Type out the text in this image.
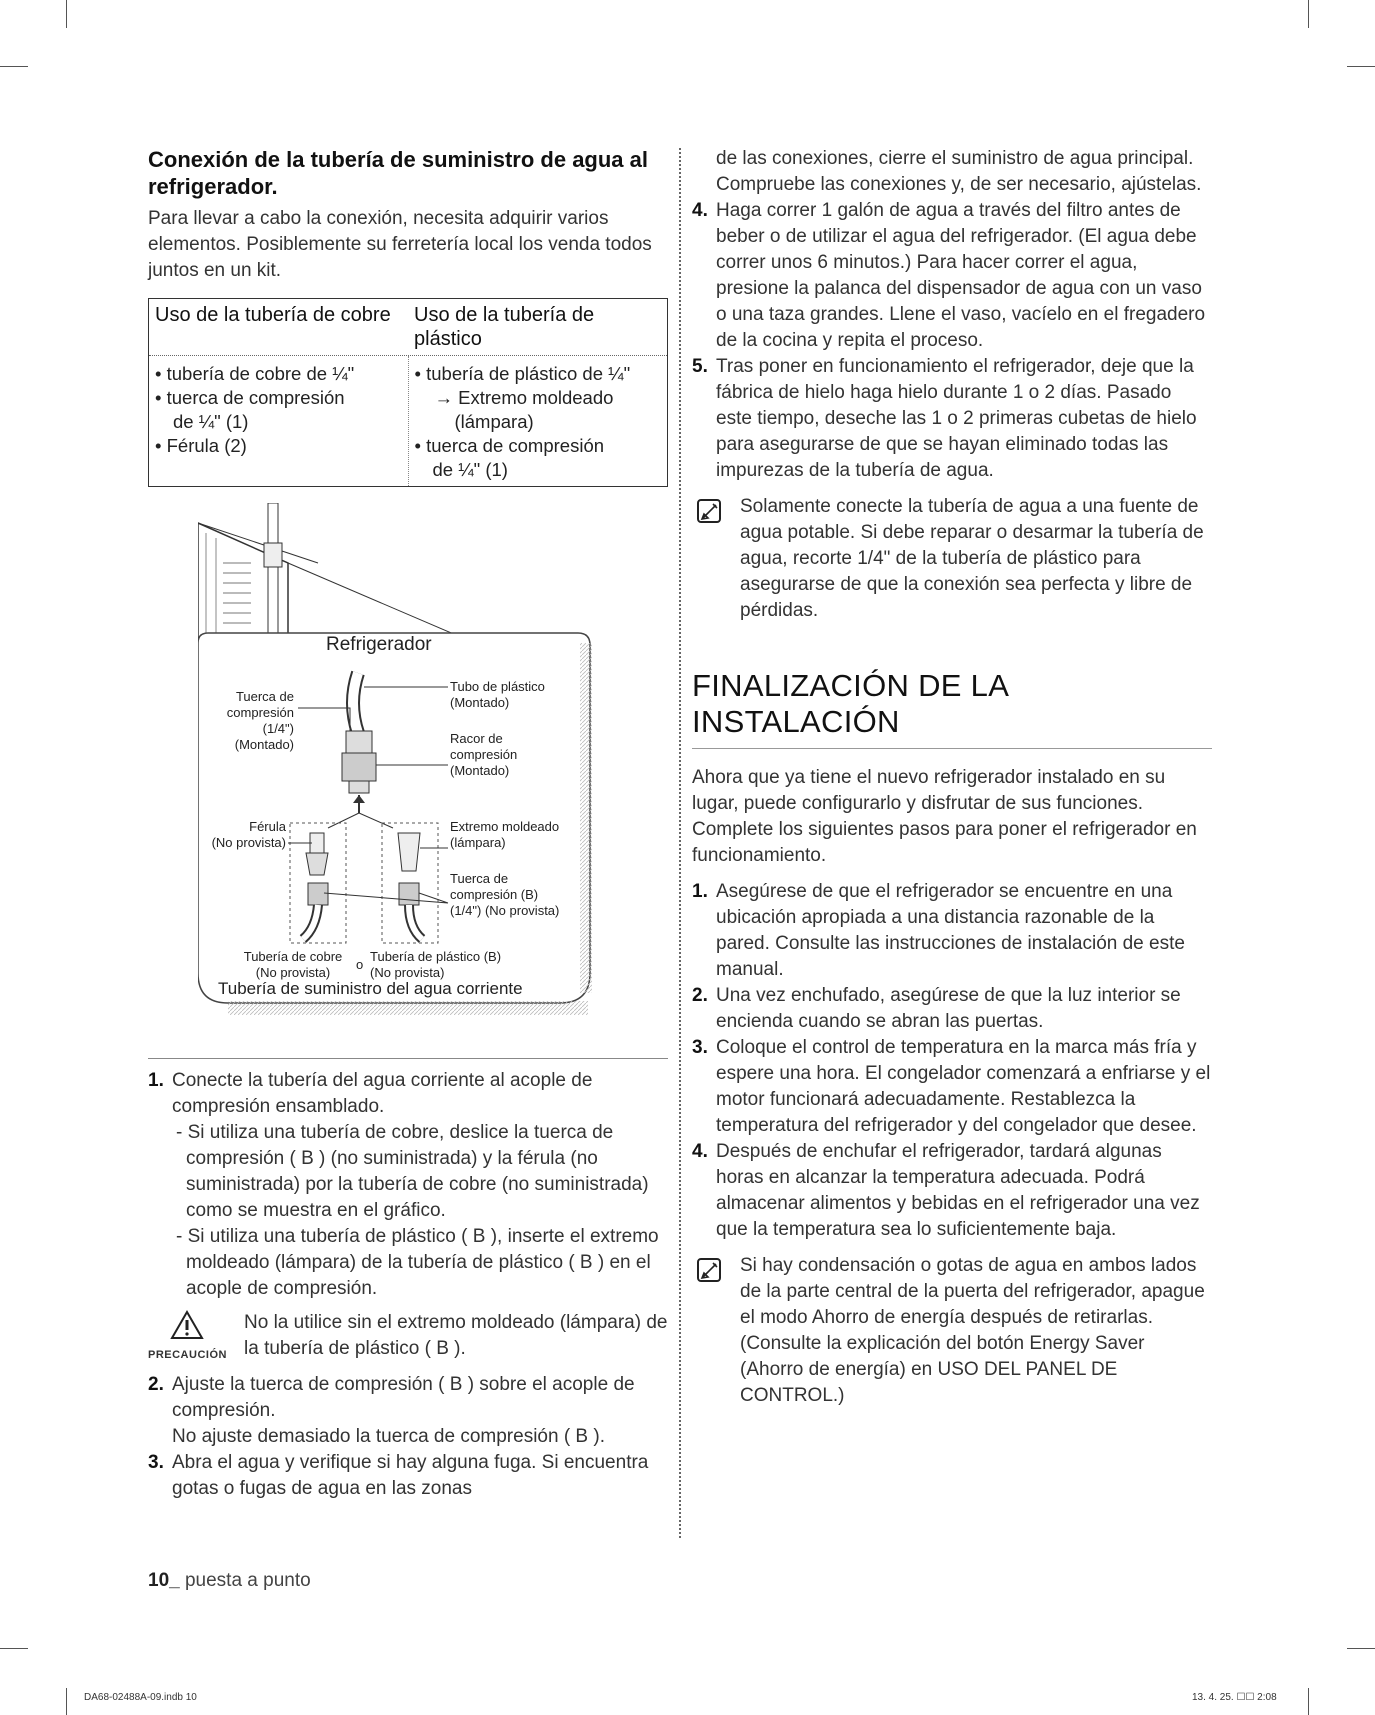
Conexión de la tubería de suministro de agua al refrigerador.

Para llevar a cabo la conexión, necesita adquirir varios elementos. Posiblemente su ferretería local los venda todos juntos en un kit.

Uso de la tubería de cobre	Uso de la tubería de plástico
• tubería de cobre de ¼"
• tuerca de compresión
de ¼" (1)
• Férula (2)
• tubería de plástico de ¼"
→ Extremo moldeado
(lámpara)
• tuerca de compresión
de ¼" (1)
Refrigerador
Tuerca de
compresión
(1/4")
(Montado)
Tubo de plástico
(Montado)
Racor de
compresión
(Montado)
Férula
(No provista)
Extremo moldeado
(lámpara)
Tuerca de
compresión (B)
(1/4") (No provista)
Tubería de cobre
(No provista)
o
Tubería de plástico (B)
(No provista)
Tubería de suministro del agua corriente
1. Conecte la tubería del agua corriente al acople de compresión ensamblado.
- Si utiliza una tubería de cobre, deslice la tuerca de compresión ( B ) (no suministrada) y la férula (no suministrada) por la tubería de cobre (no suministrada) como se muestra en el gráfico.
- Si utiliza una tubería de plástico ( B ), inserte el extremo moldeado (lámpara) de la tubería de plástico ( B ) en el acople de compresión.
PRECAUCIÓN
No la utilice sin el extremo moldeado (lámpara) de la tubería de plástico ( B ).
2. Ajuste la tuerca de compresión ( B ) sobre el acople de compresión.
No ajuste demasiado la tuerca de compresión ( B ).
3. Abra el agua y verifique si hay alguna fuga. Si encuentra gotas o fugas de agua en las zonas
de las conexiones, cierre el suministro de agua principal. Compruebe las conexiones y, de ser necesario, ajústelas.
4. Haga correr 1 galón de agua a través del filtro antes de beber o de utilizar el agua del refrigerador. (El agua debe correr unos 6 minutos.) Para hacer correr el agua, presione la palanca del dispensador de agua con un vaso o una taza grandes. Llene el vaso, vacíelo en el fregadero de la cocina y repita el proceso.
5. Tras poner en funcionamiento el refrigerador, deje que la fábrica de hielo haga hielo durante 1 o 2 días. Pasado este tiempo, deseche las 1 o 2 primeras cubetas de hielo para asegurarse de que se hayan eliminado todas las impurezas de la tubería de agua.
Solamente conecte la tubería de agua a una fuente de agua potable. Si debe reparar o desarmar la tubería de agua, recorte 1/4" de la tubería de plástico para asegurarse de que la conexión sea perfecta y libre de pérdidas.
FINALIZACIÓN DE LA INSTALACIÓN

Ahora que ya tiene el nuevo refrigerador instalado en su lugar, puede configurarlo y disfrutar de sus funciones. Complete los siguientes pasos para poner el refrigerador en funcionamiento.

1. Asegúrese de que el refrigerador se encuentre en una ubicación apropiada a una distancia razonable de la pared. Consulte las instrucciones de instalación de este manual.
2. Una vez enchufado, asegúrese de que la luz interior se encienda cuando se abran las puertas.
3. Coloque el control de temperatura en la marca más fría y espere una hora. El congelador comenzará a enfriarse y el motor funcionará adecuadamente. Restablezca la temperatura del refrigerador y del congelador que desee.
4. Después de enchufar el refrigerador, tardará algunas horas en alcanzar la temperatura adecuada. Podrá almacenar alimentos y bebidas en el refrigerador una vez que la temperatura sea lo suficientemente baja.
Si hay condensación o gotas de agua en ambos lados de la parte central de la puerta del refrigerador, apague el modo Ahorro de energía después de retirarlas. (Consulte la explicación del botón Energy Saver (Ahorro de energía) en USO DEL PANEL DE CONTROL.)
10_ puesta a punto
DA68-02488A-09.indb 10	13. 4. 25. ☐☐ 2:08
